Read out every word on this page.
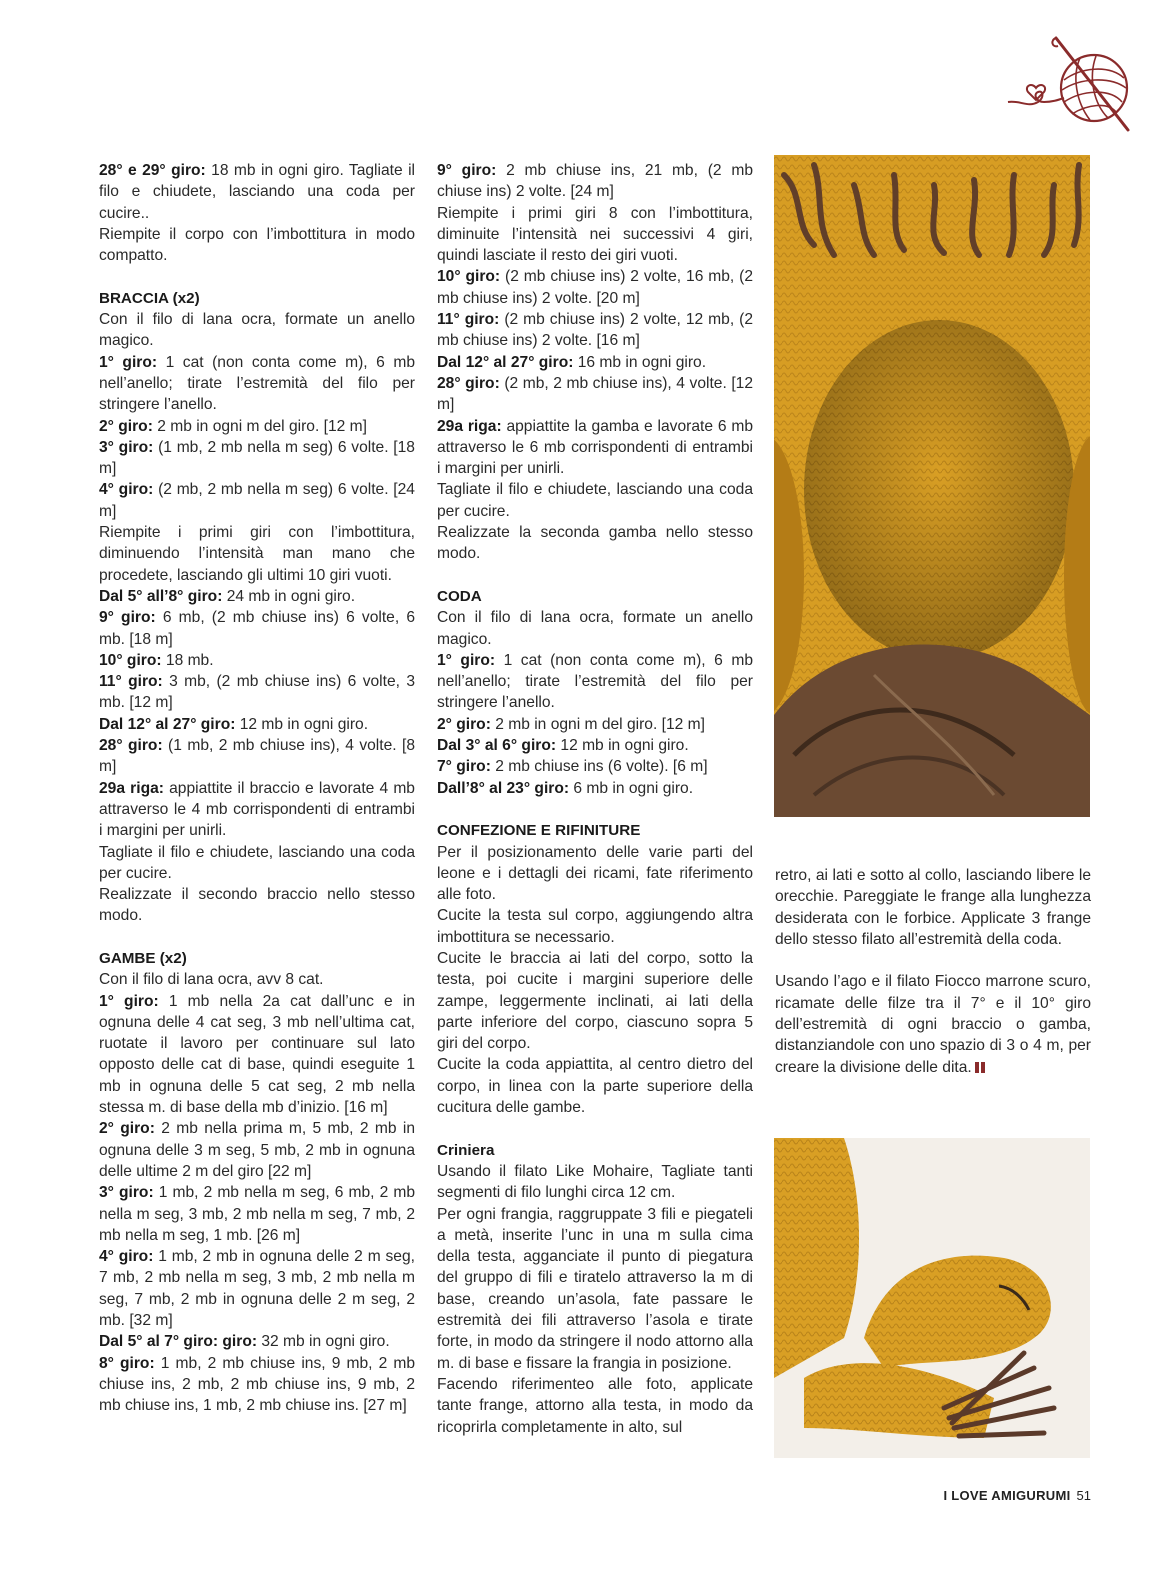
28° e 29° giro: 18 mb in ogni giro. Tagliate il filo e chiudete, lasciando una coda per cucire..

Riempite il corpo con l’imbottitura in modo compatto.

BRACCIA (x2)

Con il filo di lana ocra, formate un anello magico.

1° giro: 1 cat (non conta come m), 6 mb nell’anello; tirate l’estremità del filo per stringere l’anello.

2° giro: 2 mb in ogni m del giro. [12 m]

3° giro: (1 mb, 2 mb nella m seg) 6 volte. [18 m]

4° giro: (2 mb, 2 mb nella m seg) 6 volte. [24 m]

Riempite i primi giri con l’imbottitura, diminuendo l’intensità man mano che procedete, lasciando gli ultimi 10 giri vuoti.

Dal 5° all’8° giro: 24 mb in ogni giro.

9° giro: 6 mb, (2 mb chiuse ins) 6 volte, 6 mb. [18 m]

10° giro: 18 mb.

11° giro: 3 mb, (2 mb chiuse ins) 6 volte, 3 mb. [12 m]

Dal 12° al 27° giro: 12 mb in ogni giro.

28° giro: (1 mb, 2 mb chiuse ins), 4 volte. [8 m]

29a riga: appiattite il braccio e lavorate 4 mb attraverso le 4 mb corrispondenti di entrambi i margini per unirli.

Tagliate il filo e chiudete, lasciando una coda per cucire.

Realizzate il secondo braccio nello stesso modo.

GAMBE (x2)

Con il filo di lana ocra, avv 8 cat.

1° giro: 1 mb nella 2a cat dall’unc e in ognuna delle 4 cat seg, 3 mb nell’ultima cat, ruotate il lavoro per continuare sul lato opposto delle cat di base, quindi eseguite 1 mb in ognuna delle 5 cat seg, 2 mb nella stessa m. di base della mb d’inizio. [16 m]

2° giro: 2 mb nella prima m, 5 mb, 2 mb in ognuna delle 3 m seg, 5 mb, 2 mb in ognuna delle ultime 2 m del giro [22 m]

3° giro: 1 mb, 2 mb nella m seg, 6 mb, 2 mb nella m seg, 3 mb, 2 mb nella m seg, 7 mb, 2 mb nella m seg, 1 mb. [26 m]

4° giro: 1 mb, 2 mb in ognuna delle 2 m seg, 7 mb, 2 mb nella m seg, 3 mb, 2 mb nella m seg, 7 mb, 2 mb in ognuna delle 2 m seg, 2 mb. [32 m]

Dal 5° al 7° giro: giro: 32 mb in ogni giro.

8° giro: 1 mb, 2 mb chiuse ins, 9 mb, 2 mb chiuse ins, 2 mb, 2 mb chiuse ins, 9 mb, 2 mb chiuse ins, 1 mb, 2 mb chiuse ins. [27 m]

9° giro: 2 mb chiuse ins, 21 mb, (2 mb chiuse ins) 2 volte. [24 m]

Riempite i primi giri 8 con l’imbottitura, diminuite l’intensità nei successivi 4 giri, quindi lasciate il resto dei giri vuoti.

10° giro: (2 mb chiuse ins) 2 volte, 16 mb, (2 mb chiuse ins) 2 volte. [20 m]

11° giro: (2 mb chiuse ins) 2 volte, 12 mb, (2 mb chiuse ins) 2 volte. [16 m]

Dal 12° al 27° giro: 16 mb in ogni giro.

28° giro: (2 mb, 2 mb chiuse ins), 4 volte. [12 m]

29a riga: appiattite la gamba e lavorate 6 mb attraverso le 6 mb corrispondenti di entrambi i margini per unirli.

Tagliate il filo e chiudete, lasciando una coda per cucire.

Realizzate la seconda gamba nello stesso modo.

CODA

Con il filo di lana ocra, formate un anello magico.

1° giro: 1 cat (non conta come m), 6 mb nell’anello; tirate l’estremità del filo per stringere l’anello.

2° giro: 2 mb in ogni m del giro. [12 m]

Dal 3° al 6° giro: 12 mb in ogni giro.

7° giro: 2 mb chiuse ins (6 volte). [6 m]

Dall’8° al 23° giro: 6 mb in ogni giro.

CONFEZIONE E RIFINITURE

Per il posizionamento delle varie parti del leone e i dettagli dei ricami, fate riferimento alle foto.

Cucite la testa sul corpo, aggiungendo altra imbottitura se necessario.

Cucite le braccia ai lati del corpo, sotto la testa, poi cucite i margini superiore delle zampe, leggermente inclinati, ai lati della parte inferiore del corpo, ciascuno sopra 5 giri del corpo.

Cucite la coda appiattita, al centro dietro del corpo, in linea con la parte superiore della cucitura delle gambe.

Criniera

Usando il filato Like Mohaire, Tagliate tanti segmenti di filo lunghi circa 12 cm.

Per ogni frangia, raggruppate 3 fili e piegateli a metà, inserite l’unc in una m sulla cima della testa, agganciate il punto di piegatura del gruppo di fili e tiratelo attraverso la m di base, creando un’asola, fate passare le estremità dei fili attraverso l’asola e tirate forte, in modo da stringere il nodo attorno alla m. di base e fissare la frangia in posizione.

Facendo riferimenteo alle foto, applicate tante frange, attorno alla testa, in modo da ricoprirla completamente in alto, sul

retro, ai lati e sotto al collo, lasciando libere le orecchie. Pareggiate le frange alla lunghezza desiderata con le forbice. Applicate 3 frange dello stesso filato all’estremità della coda.

Usando l’ago e il filato Fiocco marrone scuro, ricamate delle filze tra il 7° e il 10° giro dell’estremità di ogni braccio o gamba, distanziandole con uno spazio di 3 o 4 m, per creare la divisione delle dita.

I LOVE AMIGURUMI 51
